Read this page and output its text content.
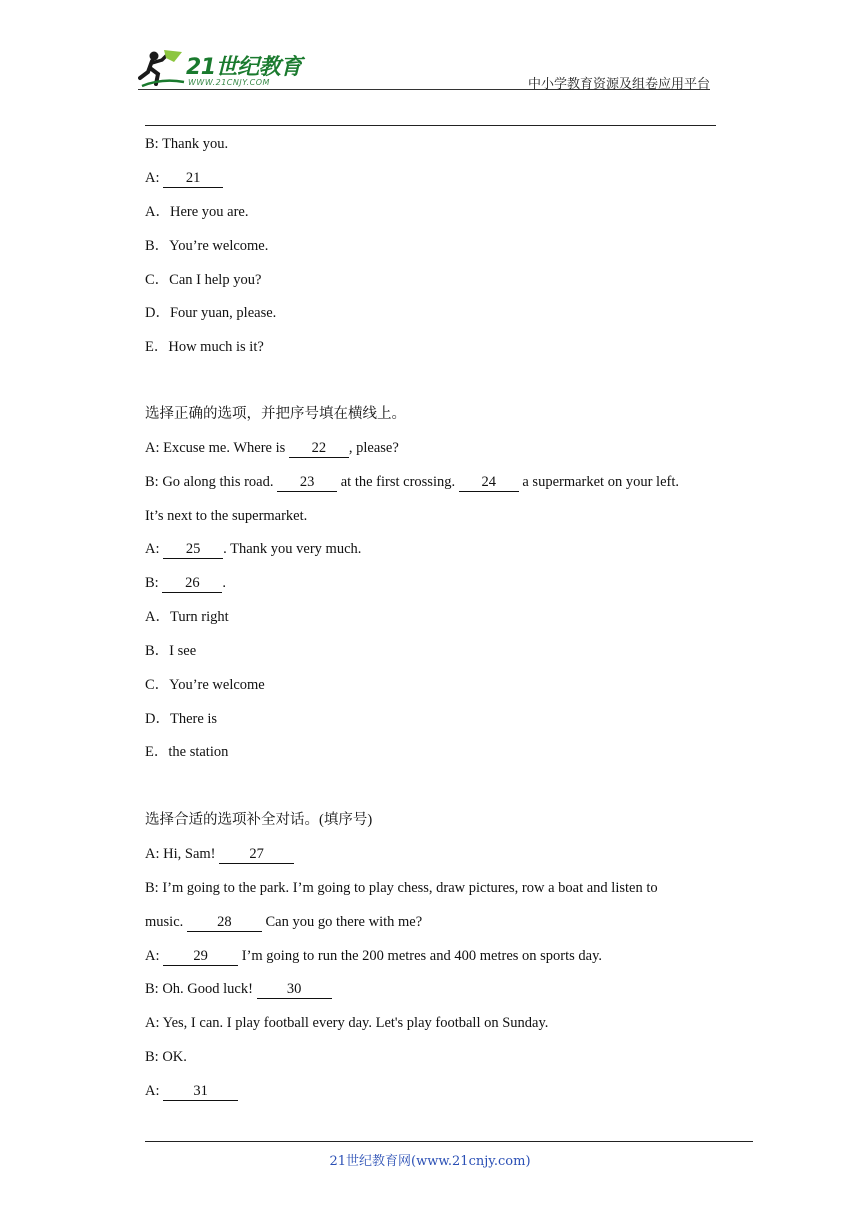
21世纪教育
WWW.21CNJY.COM	中小学教育资源及组卷应用平台
B: Thank you.
A: 21
A．Here you are.
B．You’re welcome.
C．Can I help you?
D．Four yuan, please.
E．How much is it?
选择正确的选项，并把序号填在横线上。
A: Excuse me. Where is 22 , please?
B: Go along this road. 23 at the first crossing. 24 a supermarket on your left.
It’s next to the supermarket.
A: 25 . Thank you very much.
B: 26 .
A．Turn right
B．I see
C．You’re welcome
D．There is
E．the station
选择合适的选项补全对话。(填序号)
A: Hi, Sam! 27
B: I’m going to the park. I’m going to play chess, draw pictures, row a boat and listen to
music. 28 Can you go there with me?
A: 29 I’m going to run the 200 metres and 400 metres on sports day.
B: Oh. Good luck! 30
A: Yes, I can. I play football every day. Let's play football on Sunday.
B: OK.
A: 31
21世纪教育网(www.21cnjy.com)
